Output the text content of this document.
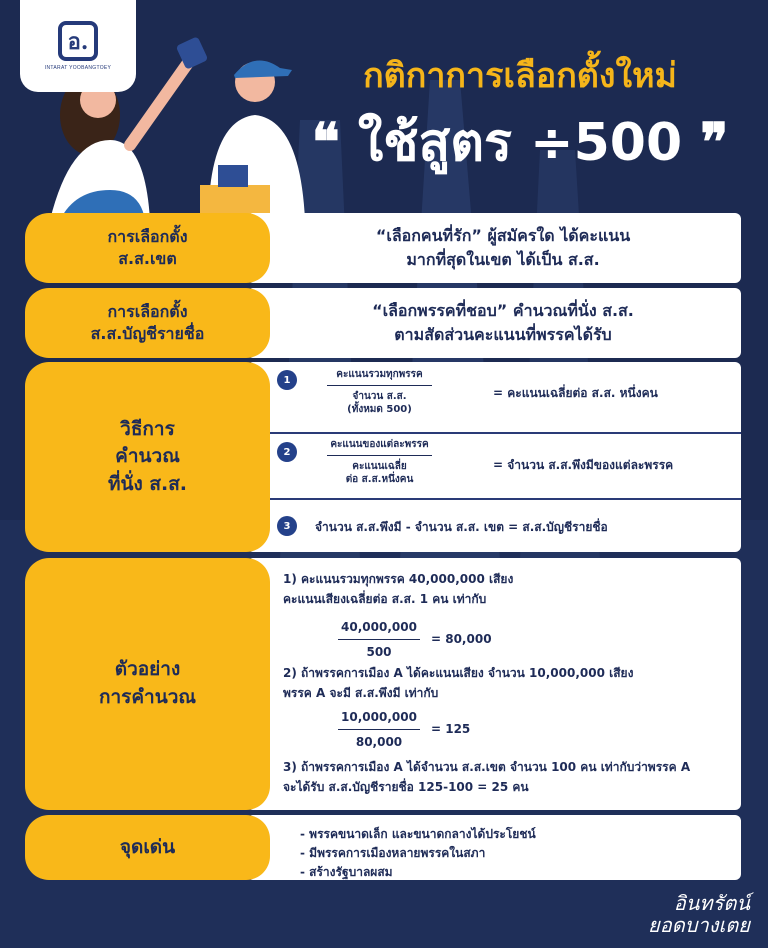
อ.
INTARAT YOOBANGTOEY	กติกาการเลือกตั้งใหม่
❝ ใช้สูตร ÷500 ❞
การเลือกตั้ง
ส.ส.เขต
“เลือกคนที่รัก” ผู้สมัครใด ได้คะแนน
มากที่สุดในเขต ได้เป็น ส.ส.
การเลือกตั้ง
ส.ส.บัญชีรายชื่อ
“เลือกพรรคที่ชอบ” คำนวณที่นั่ง ส.ส.
ตามสัดส่วนคะแนนที่พรรคได้รับ
วิธีการ
คำนวณ
ที่นั่ง ส.ส.
1	คะแนนรวมทุกพรรค
จำนวน ส.ส.
(ทั้งหมด 500)
= คะแนนเฉลี่ยต่อ ส.ส. หนึ่งคน
2
คะแนนของแต่ละพรรค
คะแนนเฉลี่ย
ต่อ ส.ส.หนึ่งคน
= จำนวน ส.ส.พึงมีของแต่ละพรรค
3	จำนวน ส.ส.พึงมี - จำนวน ส.ส. เขต = ส.ส.บัญชีรายชื่อ
ตัวอย่าง
การคำนวณ
1) คะแนนรวมทุกพรรค 40,000,000 เสียง
คะแนนเสียงเฉลี่ยต่อ ส.ส. 1 คน เท่ากับ
40,000,000
500
= 80,000
2) ถ้าพรรคการเมือง A ได้คะแนนเสียง จำนวน 10,000,000 เสียง
พรรค A จะมี ส.ส.พึงมี เท่ากับ
10,000,000
80,000
= 125
3) ถ้าพรรคการเมือง A ได้จำนวน ส.ส.เขต จำนวน 100 คน เท่ากับว่าพรรค A
จะได้รับ ส.ส.บัญชีรายชื่อ 125-100 = 25 คน
จุดเด่น
- พรรคขนาดเล็ก และขนาดกลางได้ประโยชน์
- มีพรรคการเมืองหลายพรรคในสภา
- สร้างรัฐบาลผสม
อินทรัตน์
ยอดบางเตย
